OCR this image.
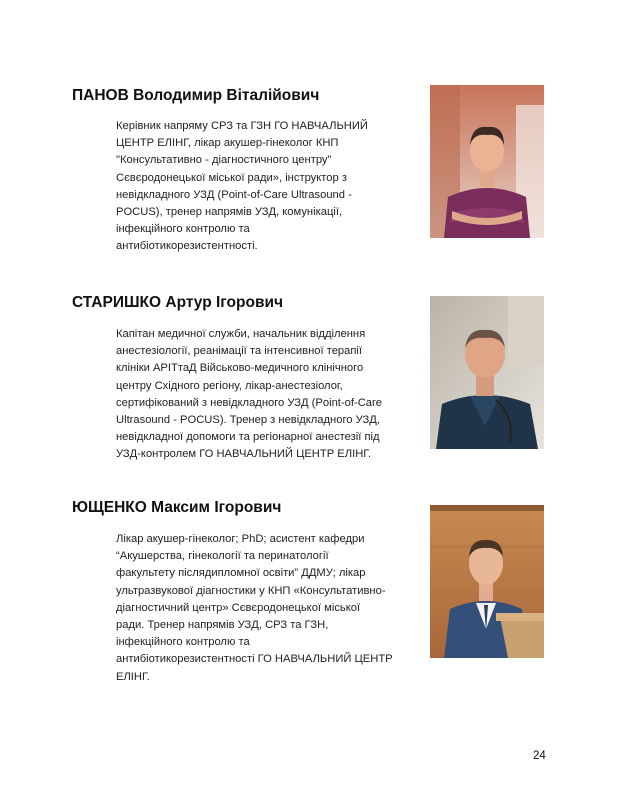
ПАНОВ Володимир Віталійович
Керівник напряму СРЗ та ГЗН ГО НАВЧАЛЬНИЙ
ЦЕНТР ЕЛІНГ, лікар акушер-гінеколог КНП
"Консультативно - діагностичного центру"
Сєвєродонецької міської ради», інструктор з
невідкладного УЗД (Point-of-Care Ultrasound -
POCUS), тренер напрямів УЗД, комунікації,
інфекційного контролю та
антибіотикорезистентності.
СТАРИШКО Артур Ігорович
Капітан медичної служби, начальник відділення
анестезіології, реанімації та інтенсивної терапії
клініки АРІТтаД Військово-медичного клінічного
центру Східного регіону, лікар-анестезіолог,
сертифікований з невідкладного УЗД (Point-of-Care
Ultrasound - POCUS). Тренер з невідкладного УЗД,
невідкладної допомоги та регіонарної анестезії під
УЗД-контролем ГО НАВЧАЛЬНИЙ ЦЕНТР ЕЛІНГ.
ЮЩЕНКО Максим Ігорович
Лікар акушер-гінеколог; PhD; асистент кафедри
“Акушерства, гінекології та перинатології
факультету післядипломної освіти” ДДМУ; лікар
ультразвукової діагностики у КНП «Консультативно-
діагностичний центр» Сєвєродонецької міської
ради. Тренер напрямів УЗД, СРЗ та ГЗН,
інфекційного контролю та
антибіотикорезистентності ГО НАВЧАЛЬНИЙ ЦЕНТР
ЕЛІНГ.
24
